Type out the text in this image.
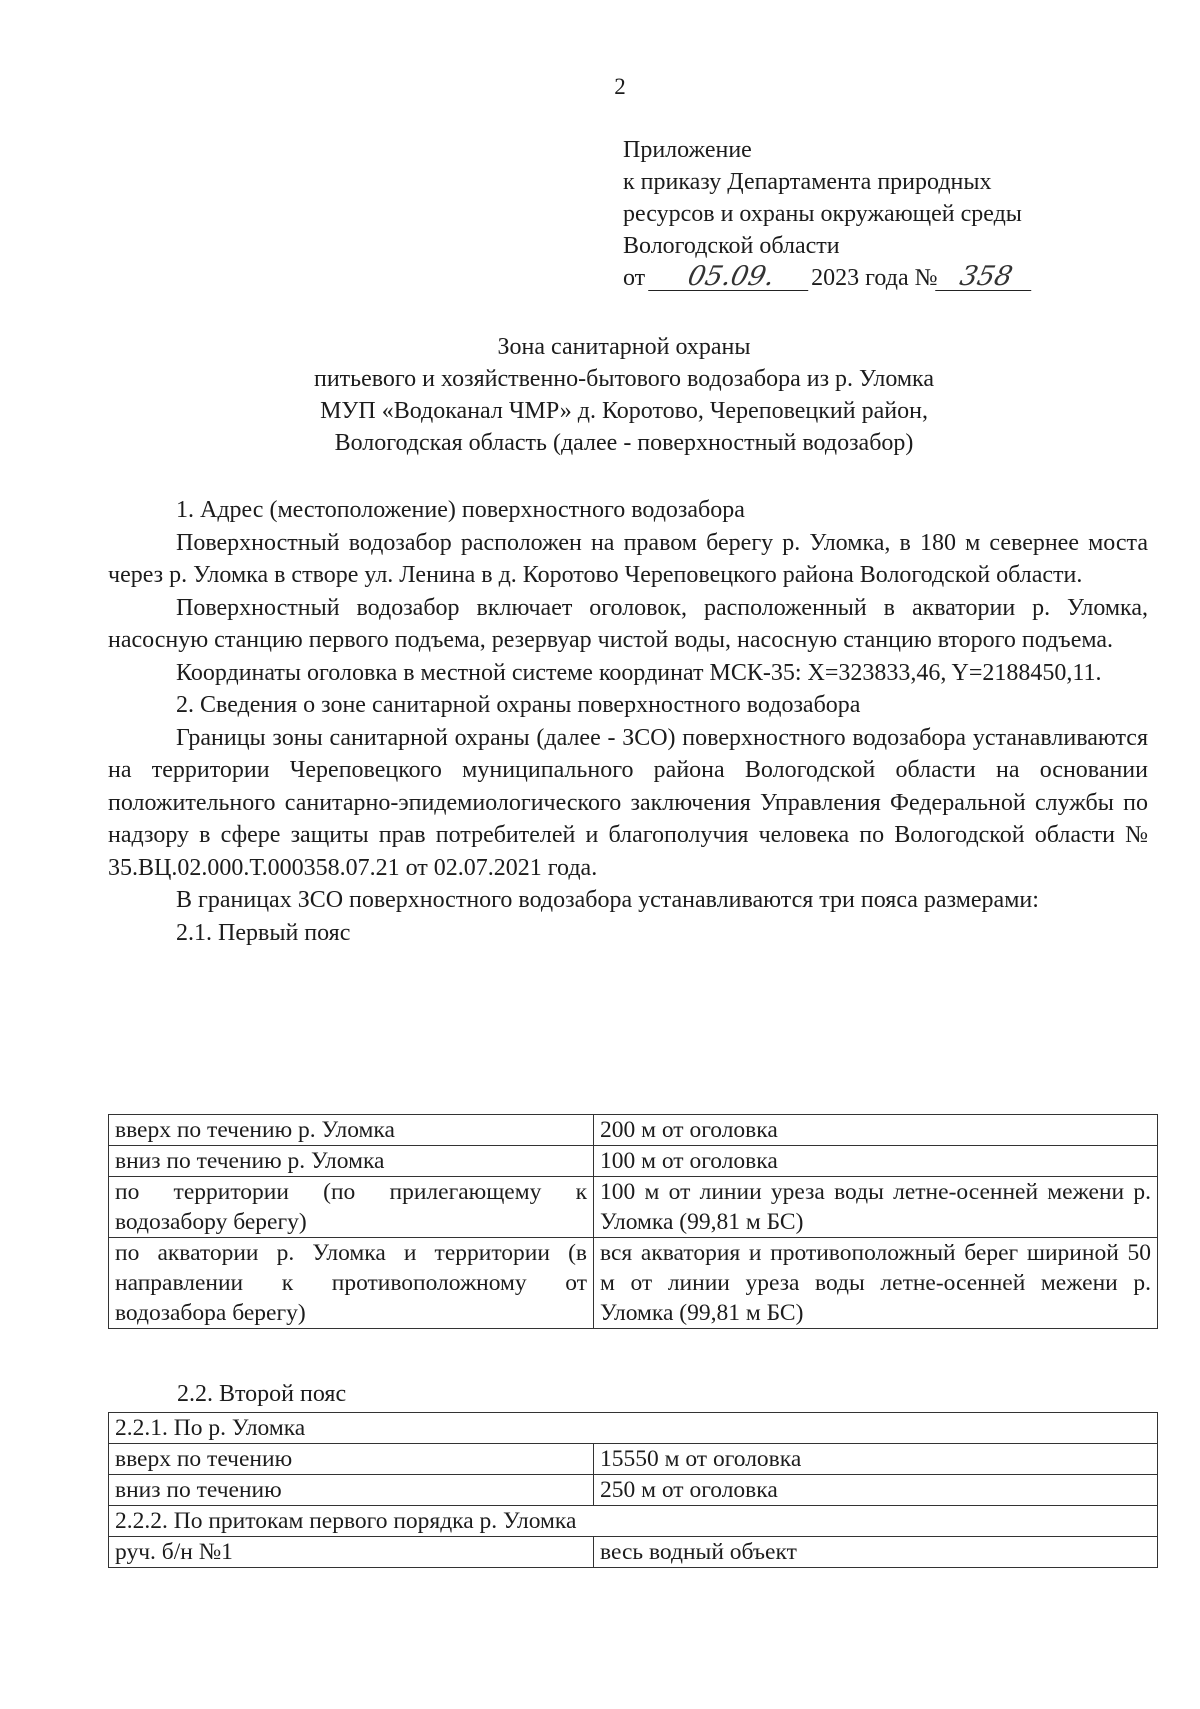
2
Приложение
к приказу Департамента природных
ресурсов и охраны окружающей среды
Вологодской области
от 05.09. 2023 года № 358
Зона санитарной охраны
питьевого и хозяйственно-бытового водозабора из р. Уломка
МУП «Водоканал ЧМР» д. Коротово, Череповецкий район,
Вологодская область (далее - поверхностный водозабор)

1. Адрес (местоположение) поверхностного водозабора

Поверхностный водозабор расположен на правом берегу р. Уломка, в 180 м севернее моста через р. Уломка в створе ул. Ленина в д. Коротово Череповецкого района Вологодской области.

Поверхностный водозабор включает оголовок, расположенный в акватории р. Уломка, насосную станцию первого подъема, резервуар чистой воды, насосную станцию второго подъема.

Координаты оголовка в местной системе координат МСК-35: X=323833,46, Y=2188450,11.

2. Сведения о зоне санитарной охраны поверхностного водозабора

Границы зоны санитарной охраны (далее - ЗСО) поверхностного водозабора устанавливаются на территории Череповецкого муниципального района Вологодской области на основании положительного санитарно-эпидемиологического заключения Управления Федеральной службы по надзору в сфере защиты прав потребителей и благополучия человека по Вологодской области № 35.ВЦ.02.000.Т.000358.07.21 от 02.07.2021 года.

В границах ЗСО поверхностного водозабора устанавливаются три пояса размерами:

2.1. Первый пояс

вверх по течению р. Уломка	200 м от оголовка
вниз по течению р. Уломка	100 м от оголовка
по территории (по прилегающему к водозабору берегу)	100 м от линии уреза воды летне-осенней межени р. Уломка (99,81 м БС)
по акватории р. Уломка и территории (в направлении к противоположному от водозабора берегу)	вся акватория и противоположный берег шириной 50 м от линии уреза воды летне-осенней межени р. Уломка (99,81 м БС)
2.2. Второй пояс
2.2.1. По р. Уломка	
вверх по течению	15550 м от оголовка
вниз по течению	250 м от оголовка
2.2.2. По притокам первого порядка р. Уломка	
руч. б/н №1	весь водный объект
